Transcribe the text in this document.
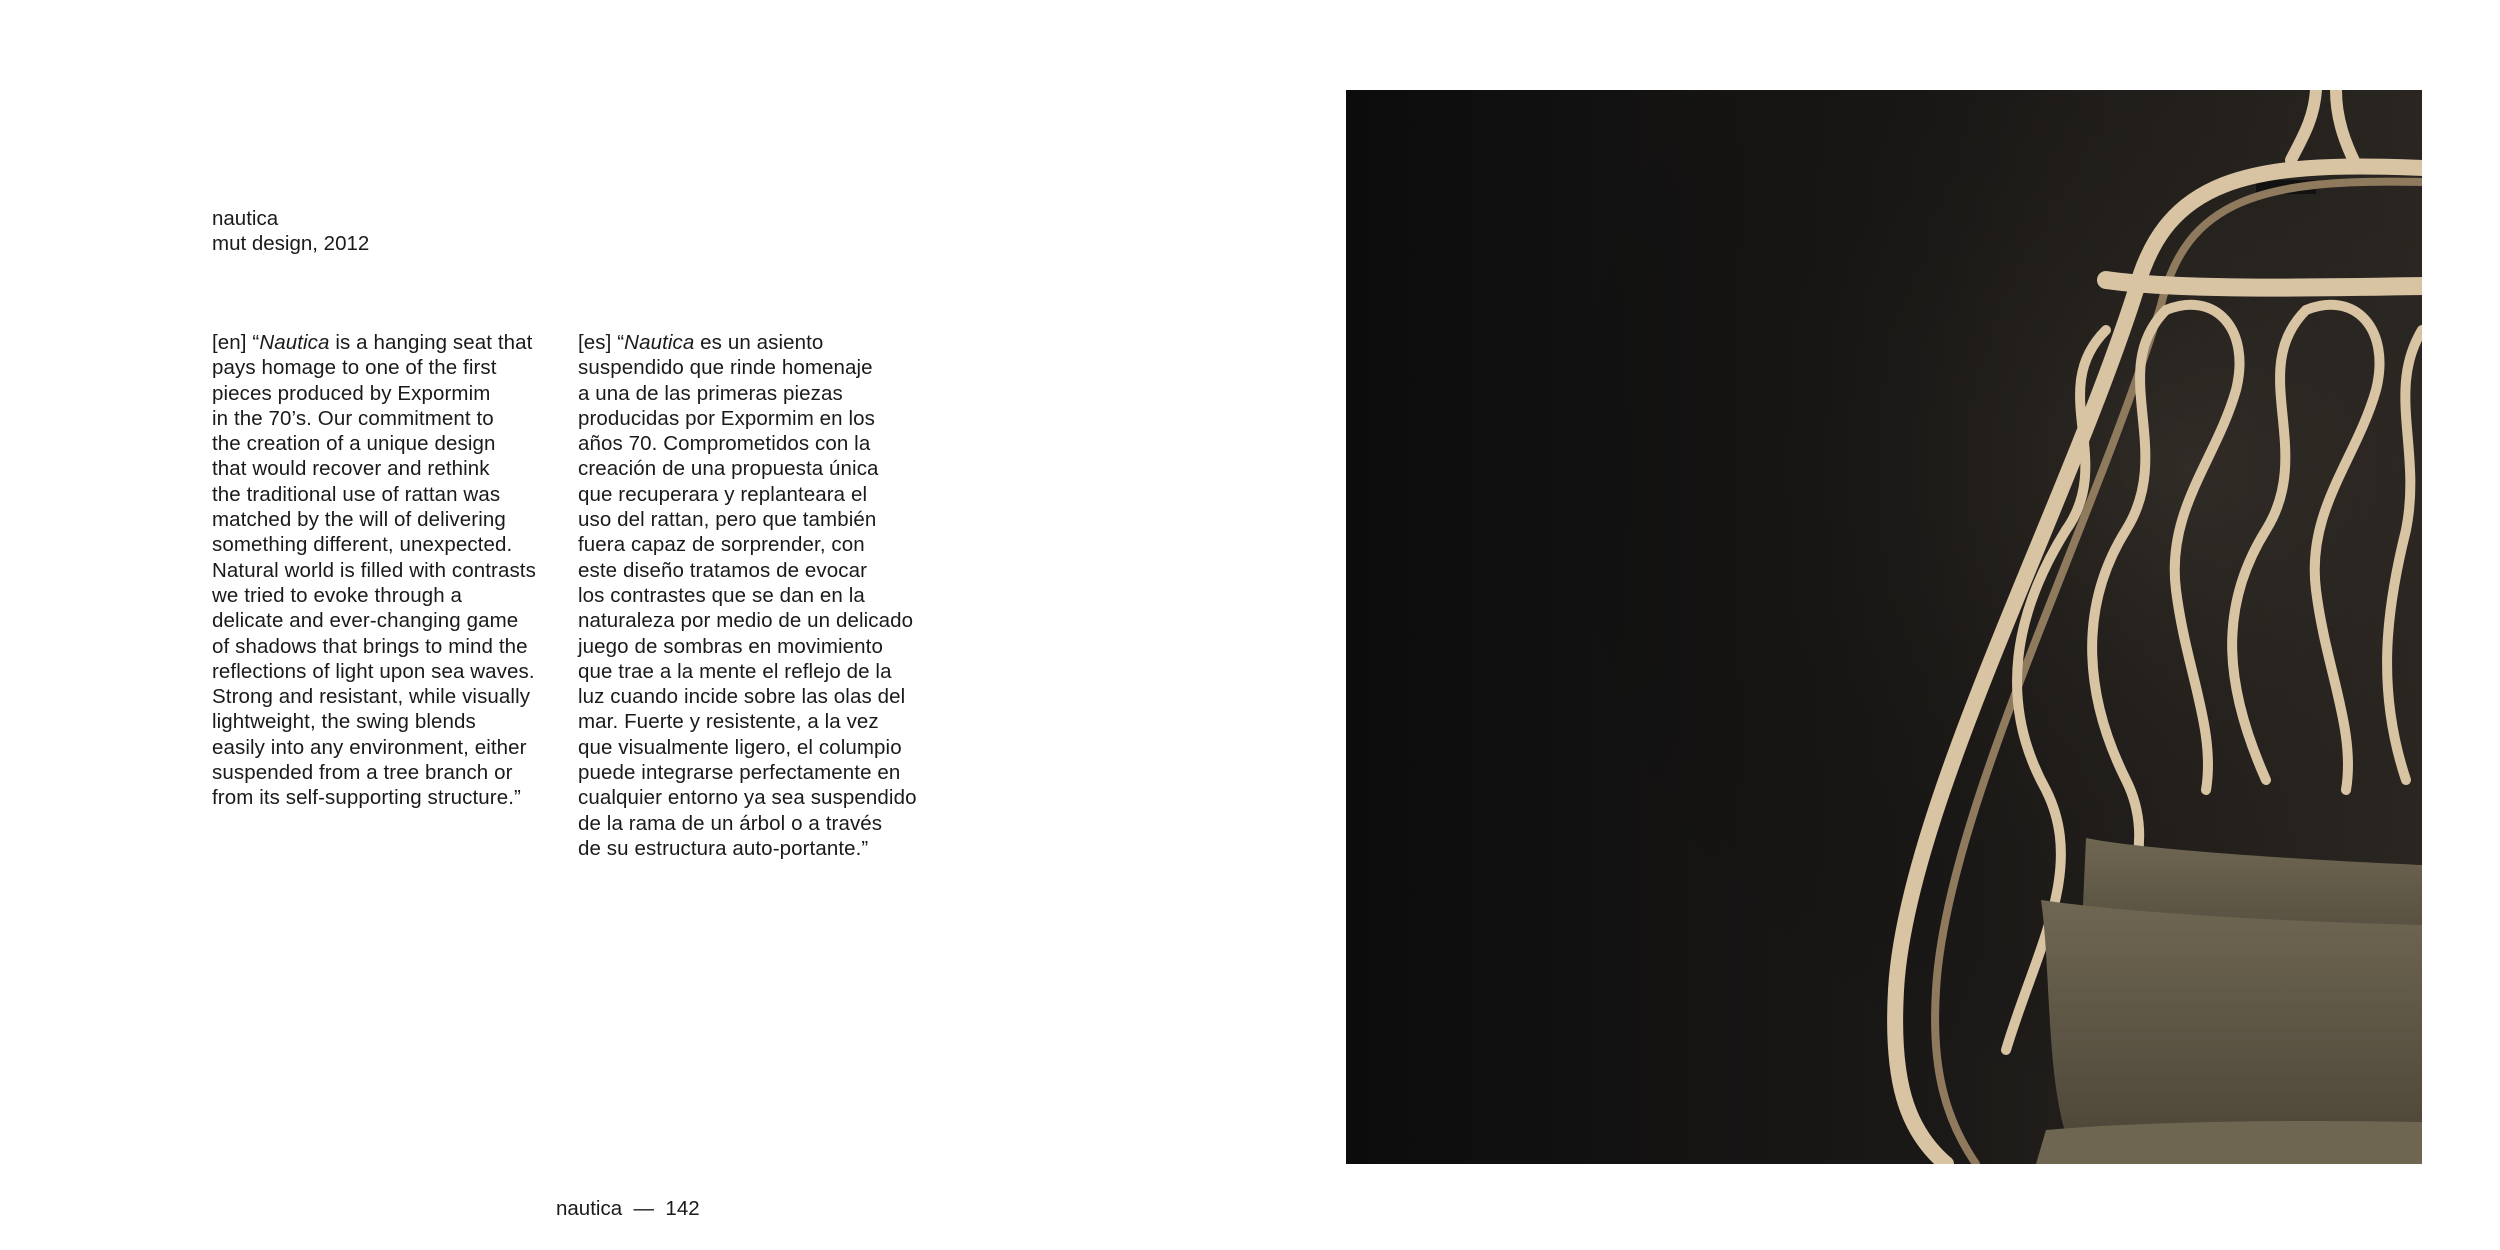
nautica
mut design, 2012
[en] “Nautica is a hanging seat that
pays homage to one of the first
pieces produced by Expormim
in the 70’s. Our commitment to
the creation of a unique design
that would recover and rethink
the traditional use of rattan was
matched by the will of delivering
something different, unexpected.
Natural world is filled with contrasts
we tried to evoke through a
delicate and ever-changing game
of shadows that brings to mind the
reflections of light upon sea waves.
Strong and resistant, while visually
lightweight, the swing blends
easily into any environment, either
suspended from a tree branch or
from its self-supporting structure.”
[es] “Nautica es un asiento
suspendido que rinde homenaje
a una de las primeras piezas
producidas por Expormim en los
años 70. Comprometidos con la
creación de una propuesta única
que recuperara y replanteara el
uso del rattan, pero que también
fuera capaz de sorprender, con
este diseño tratamos de evocar
los contrastes que se dan en la
naturaleza por medio de un delicado
juego de sombras en movimiento
que trae a la mente el reflejo de la
luz cuando incide sobre las olas del
mar. Fuerte y resistente, a la vez
que visualmente ligero, el columpio
puede integrarse perfectamente en
cualquier entorno ya sea suspendido
de la rama de un árbol o a través
de su estructura auto-portante.”
nautica — 142
